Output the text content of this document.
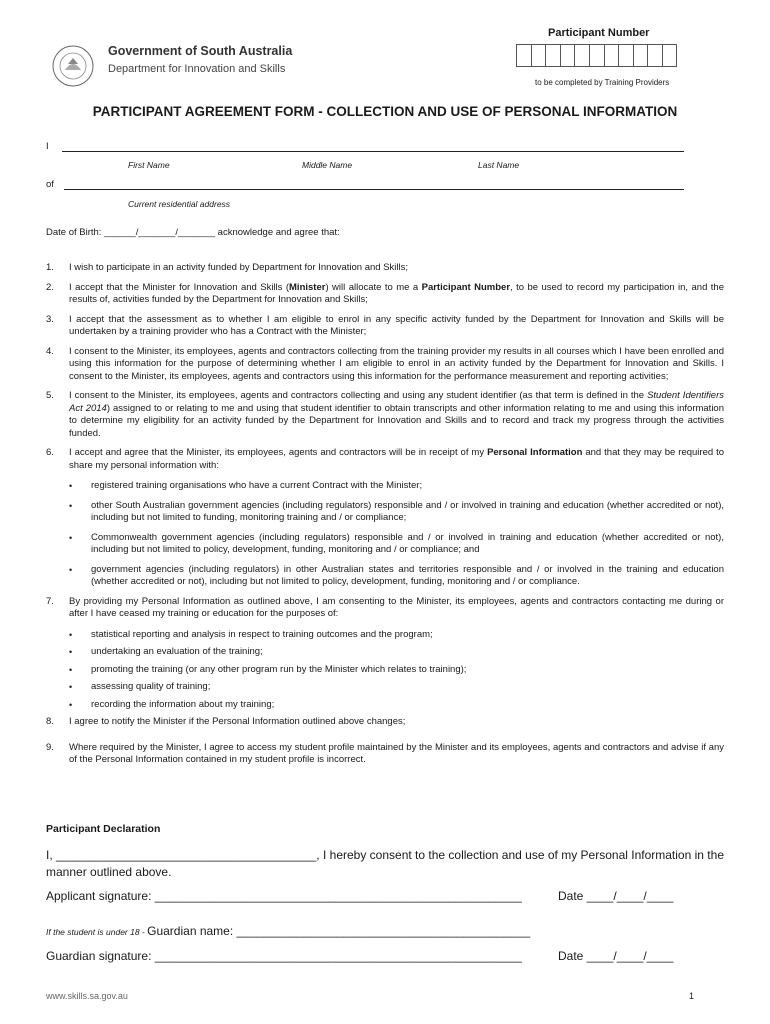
Government of South Australia
Department for Innovation and Skills
Participant Number
to be completed by Training Providers
PARTICIPANT AGREEMENT FORM - COLLECTION AND USE OF PERSONAL INFORMATION
I
First Name	Middle Name	Last Name
of
Current residential address
Date of Birth: ______/_______/_______ acknowledge and agree that:
1.	I wish to participate in an activity funded by Department for Innovation and Skills;
2.	I accept that the Minister for Innovation and Skills (Minister) will allocate to me a Participant Number, to be used to record my participation in, and the results of, activities funded by the Department for Innovation and Skills;
3.	I accept that the assessment as to whether I am eligible to enrol in any specific activity funded by the Department for Innovation and Skills will be undertaken by a training provider who has a Contract with the Minister;
4.	I consent to the Minister, its employees, agents and contractors collecting from the training provider my results in all courses which I have been enrolled and using this information for the purpose of determining whether I am eligible to enrol in an activity funded by the Department for Innovation and Skills. I consent to the Minister, its employees, agents and contractors using this information for the performance measurement and reporting activities;
5.	I consent to the Minister, its employees, agents and contractors collecting and using any student identifier (as that term is defined in the Student Identifiers Act 2014) assigned to or relating to me and using that student identifier to obtain transcripts and other information relating to me and using this information to determine my eligibility for an activity funded by the Department for Innovation and Skills and to record and track my progress through the activities funded.
6.	I accept and agree that the Minister, its employees, agents and contractors will be in receipt of my Personal Information and that they may be required to share my personal information with:
•	registered training organisations who have a current Contract with the Minister;
•	other South Australian government agencies (including regulators) responsible and / or involved in training and education (whether accredited or not), including but not limited to funding, monitoring training and / or compliance;
•	Commonwealth government agencies (including regulators) responsible and / or involved in training and education (whether accredited or not), including but not limited to policy, development, funding, monitoring and / or compliance; and
•	government agencies (including regulators) in other Australian states and territories responsible and / or involved in the training and education (whether accredited or not), including but not limited to policy, development, funding, monitoring and / or compliance.
7.	By providing my Personal Information as outlined above, I am consenting to the Minister, its employees, agents and contractors contacting me during or after I have ceased my training or education for the purposes of:
•	statistical reporting and analysis in respect to training outcomes and the program;
•	undertaking an evaluation of the training;
•	promoting the training (or any other program run by the Minister which relates to training);
•	assessing quality of training;
•	recording the information about my training;
8.	I agree to notify the Minister if the Personal Information outlined above changes;
9.	Where required by the Minister, I agree to access my student profile maintained by the Minister and its employees, agents and contractors and advise if any of the Personal Information contained in my student profile is incorrect.
Participant Declaration
I, _______________________________________, I hereby consent to the collection and use of my Personal Information in the manner outlined above.
Applicant signature: _______________________________________________________	Date ____/____/____
If the student is under 18 - Guardian name: ____________________________________________
Guardian signature: _______________________________________________________	Date ____/____/____
www.skills.sa.gov.au	1
